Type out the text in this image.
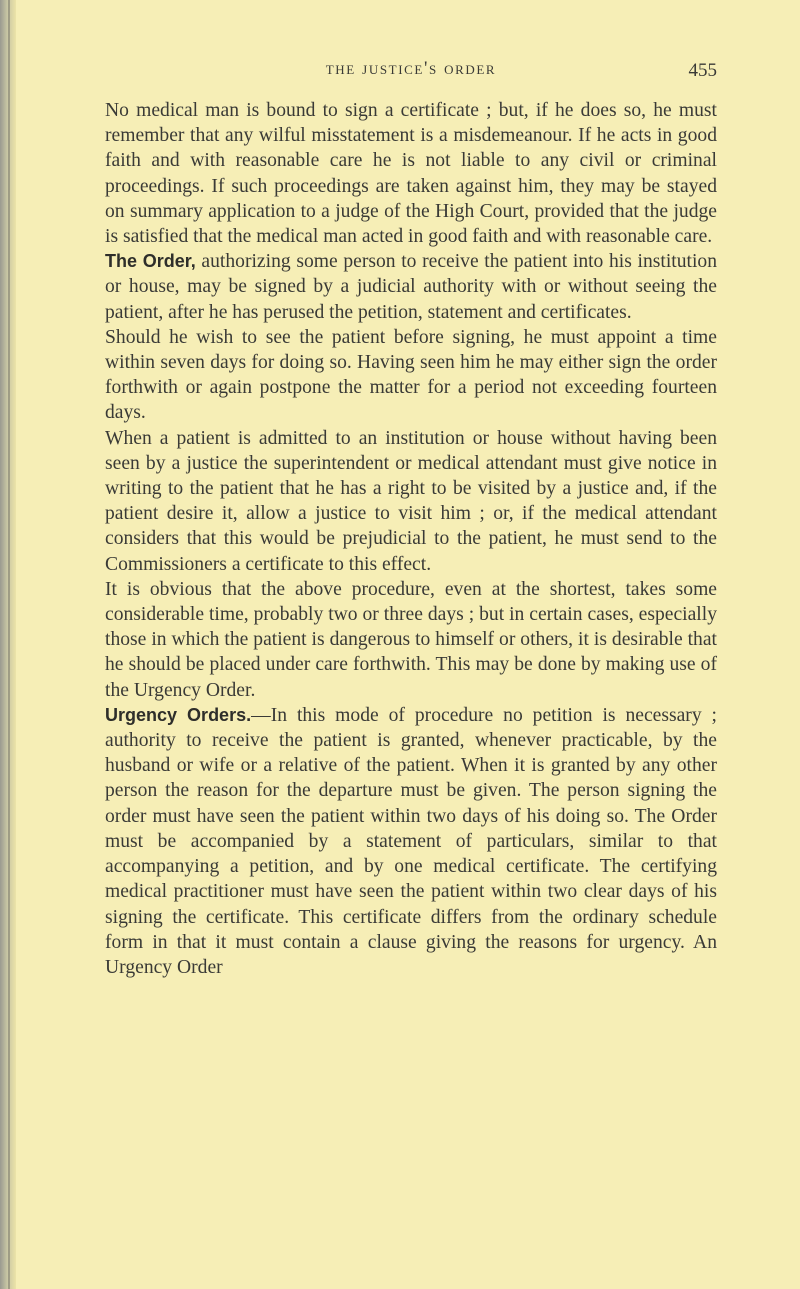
the justice's order	455

No medical man is bound to sign a certificate ; but, if he does so, he must remember that any wilful misstatement is a misdemeanour. If he acts in good faith and with reasonable care he is not liable to any civil or criminal proceedings. If such proceedings are taken against him, they may be stayed on summary application to a judge of the High Court, provided that the judge is satisfied that the medical man acted in good faith and with reasonable care.

The Order, authorizing some person to receive the patient into his institution or house, may be signed by a judicial authority with or without seeing the patient, after he has perused the petition, statement and certificates.

Should he wish to see the patient before signing, he must appoint a time within seven days for doing so. Having seen him he may either sign the order forthwith or again postpone the matter for a period not exceeding fourteen days.

When a patient is admitted to an institution or house without having been seen by a justice the superintendent or medical attendant must give notice in writing to the patient that he has a right to be visited by a justice and, if the patient desire it, allow a justice to visit him ; or, if the medical attendant considers that this would be prejudicial to the patient, he must send to the Commissioners a certificate to this effect.

It is obvious that the above procedure, even at the shortest, takes some considerable time, probably two or three days ; but in certain cases, especially those in which the patient is dangerous to himself or others, it is desirable that he should be placed under care forthwith. This may be done by making use of the Urgency Order.

Urgency Orders.—In this mode of procedure no petition is necessary ; authority to receive the patient is granted, whenever practicable, by the husband or wife or a relative of the patient. When it is granted by any other person the reason for the departure must be given. The person signing the order must have seen the patient within two days of his doing so. The Order must be accompanied by a statement of particulars, similar to that accompanying a petition, and by one medical certificate. The certifying medical practitioner must have seen the patient within two clear days of his signing the certificate. This certificate differs from the ordinary schedule form in that it must contain a clause giving the reasons for urgency. An Urgency Order
